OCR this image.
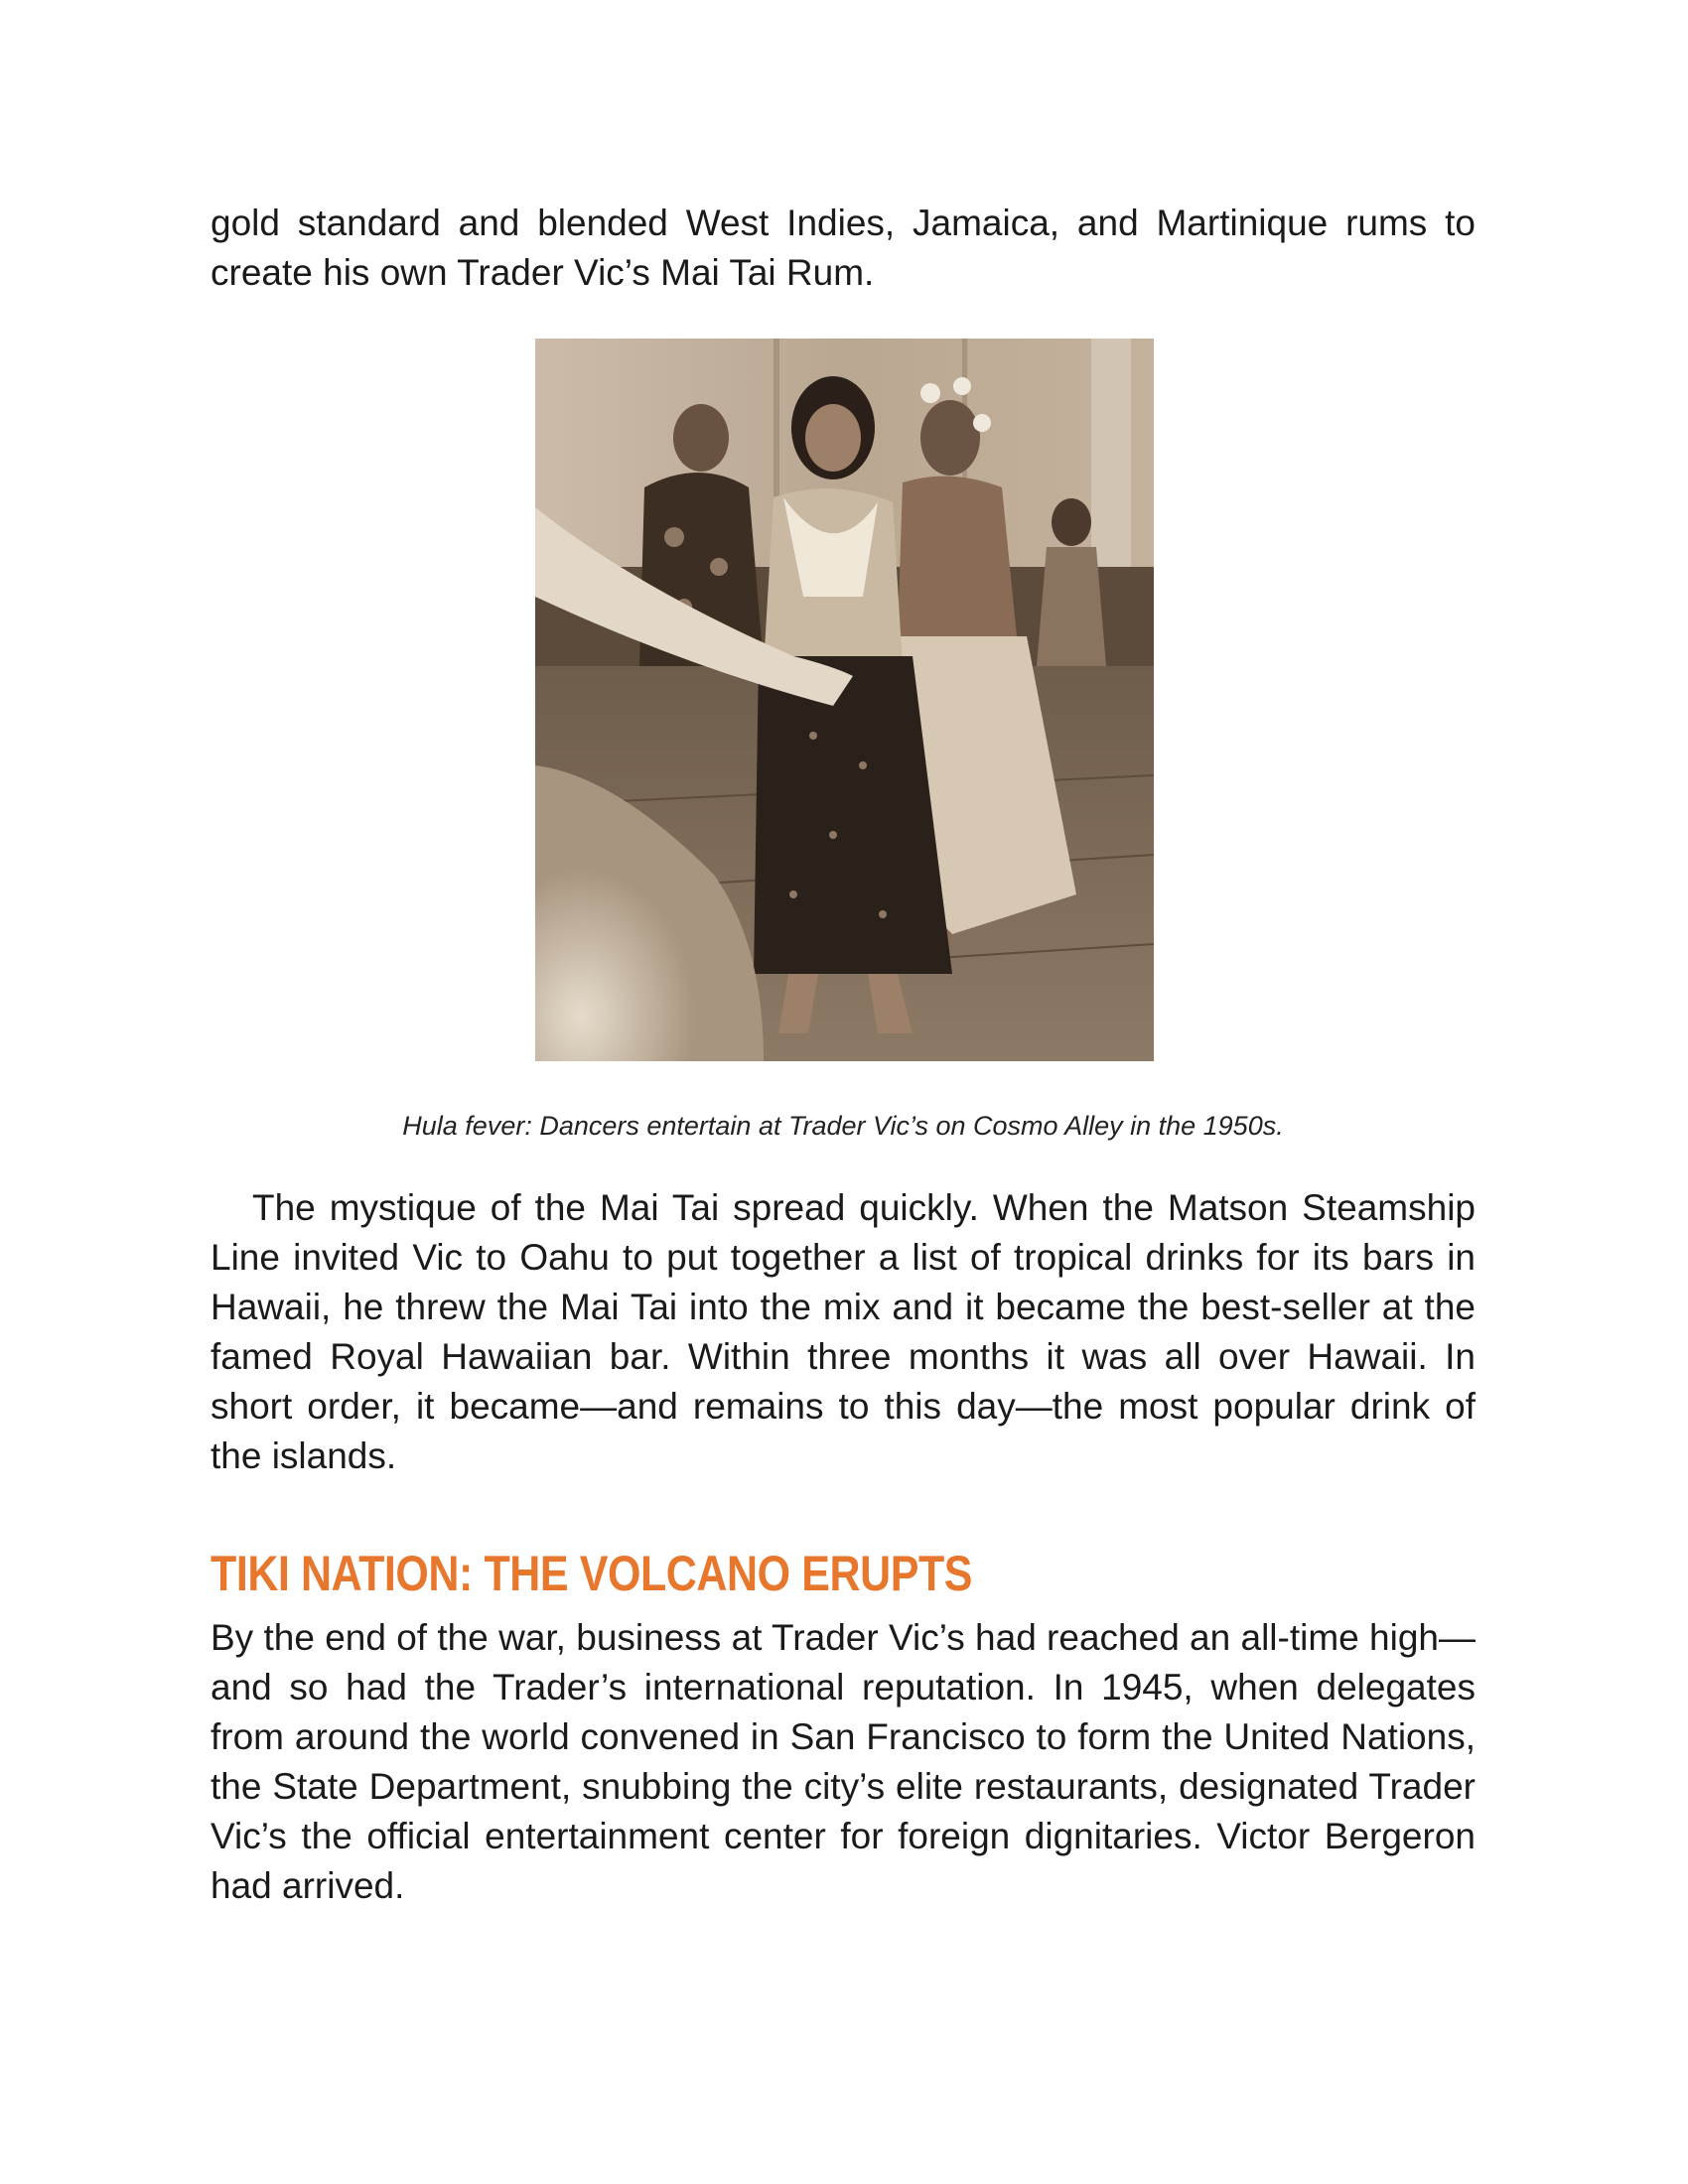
gold standard and blended West Indies, Jamaica, and Martinique rums to create his own Trader Vic’s Mai Tai Rum.

Hula fever: Dancers entertain at Trader Vic’s on Cosmo Alley in the 1950s.

The mystique of the Mai Tai spread quickly. When the Matson Steamship Line invited Vic to Oahu to put together a list of tropical drinks for its bars in Hawaii, he threw the Mai Tai into the mix and it became the best-seller at the famed Royal Hawaiian bar. Within three months it was all over Hawaii. In short order, it became—and remains to this day—the most popular drink of the islands.

TIKI NATION: THE VOLCANO ERUPTS

By the end of the war, business at Trader Vic’s had reached an all-time high—and so had the Trader’s international reputation. In 1945, when delegates from around the world convened in San Francisco to form the United Nations, the State Department, snubbing the city’s elite restaurants, designated Trader Vic’s the official entertainment center for foreign dignitaries. Victor Bergeron had arrived.
